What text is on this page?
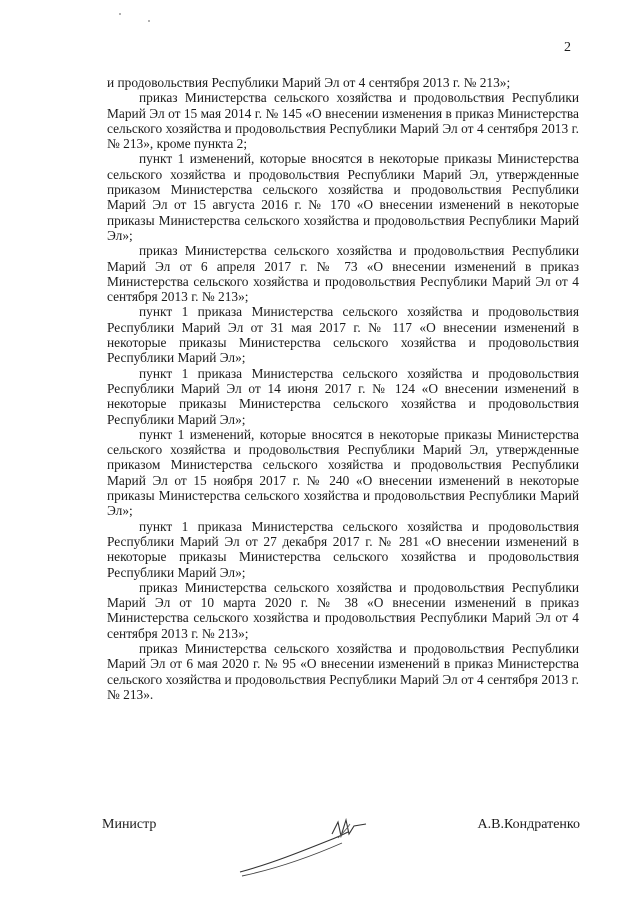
2

и продовольствия Республики Марий Эл от 4 сентября 2013 г. № 213»;

приказ Министерства сельского хозяйства и продовольствия Республики Марий Эл от 15 мая 2014 г. № 145 «О внесении изменения в приказ Министерства сельского хозяйства и продовольствия Республики Марий Эл от 4 сентября 2013 г. № 213», кроме пункта 2;

пункт 1 изменений, которые вносятся в некоторые приказы Министерства сельского хозяйства и продовольствия Республики Марий Эл, утвержденные приказом Министерства сельского хозяйства и продовольствия Республики Марий Эл от 15 августа 2016 г. № 170 «О внесении изменений в некоторые приказы Министерства сельского хозяйства и продовольствия Республики Марий Эл»;

приказ Министерства сельского хозяйства и продовольствия Республики Марий Эл от 6 апреля 2017 г. № 73 «О внесении изменений в приказ Министерства сельского хозяйства и продовольствия Республики Марий Эл от 4 сентября 2013 г. № 213»;

пункт 1 приказа Министерства сельского хозяйства и продовольствия Республики Марий Эл от 31 мая 2017 г. № 117 «О внесении изменений в некоторые приказы Министерства сельского хозяйства и продовольствия Республики Марий Эл»;

пункт 1 приказа Министерства сельского хозяйства и продовольствия Республики Марий Эл от 14 июня 2017 г. № 124 «О внесении изменений в некоторые приказы Министерства сельского хозяйства и продовольствия Республики Марий Эл»;

пункт 1 изменений, которые вносятся в некоторые приказы Министерства сельского хозяйства и продовольствия Республики Марий Эл, утвержденные приказом Министерства сельского хозяйства и продовольствия Республики Марий Эл от 15 ноября 2017 г. № 240 «О внесении изменений в некоторые приказы Министерства сельского хозяйства и продовольствия Республики Марий Эл»;

пункт 1 приказа Министерства сельского хозяйства и продовольствия Республики Марий Эл от 27 декабря 2017 г. № 281 «О внесении изменений в некоторые приказы Министерства сельского хозяйства и продовольствия Республики Марий Эл»;

приказ Министерства сельского хозяйства и продовольствия Республики Марий Эл от 10 марта 2020 г. № 38 «О внесении изменений в приказ Министерства сельского хозяйства и продовольствия Республики Марий Эл от 4 сентября 2013 г. № 213»;

приказ Министерства сельского хозяйства и продовольствия Республики Марий Эл от 6 мая 2020 г. № 95 «О внесении изменений в приказ Министерства сельского хозяйства и продовольствия Республики Марий Эл от 4 сентября 2013 г. № 213».

Министр	А.В.Кондратенко
